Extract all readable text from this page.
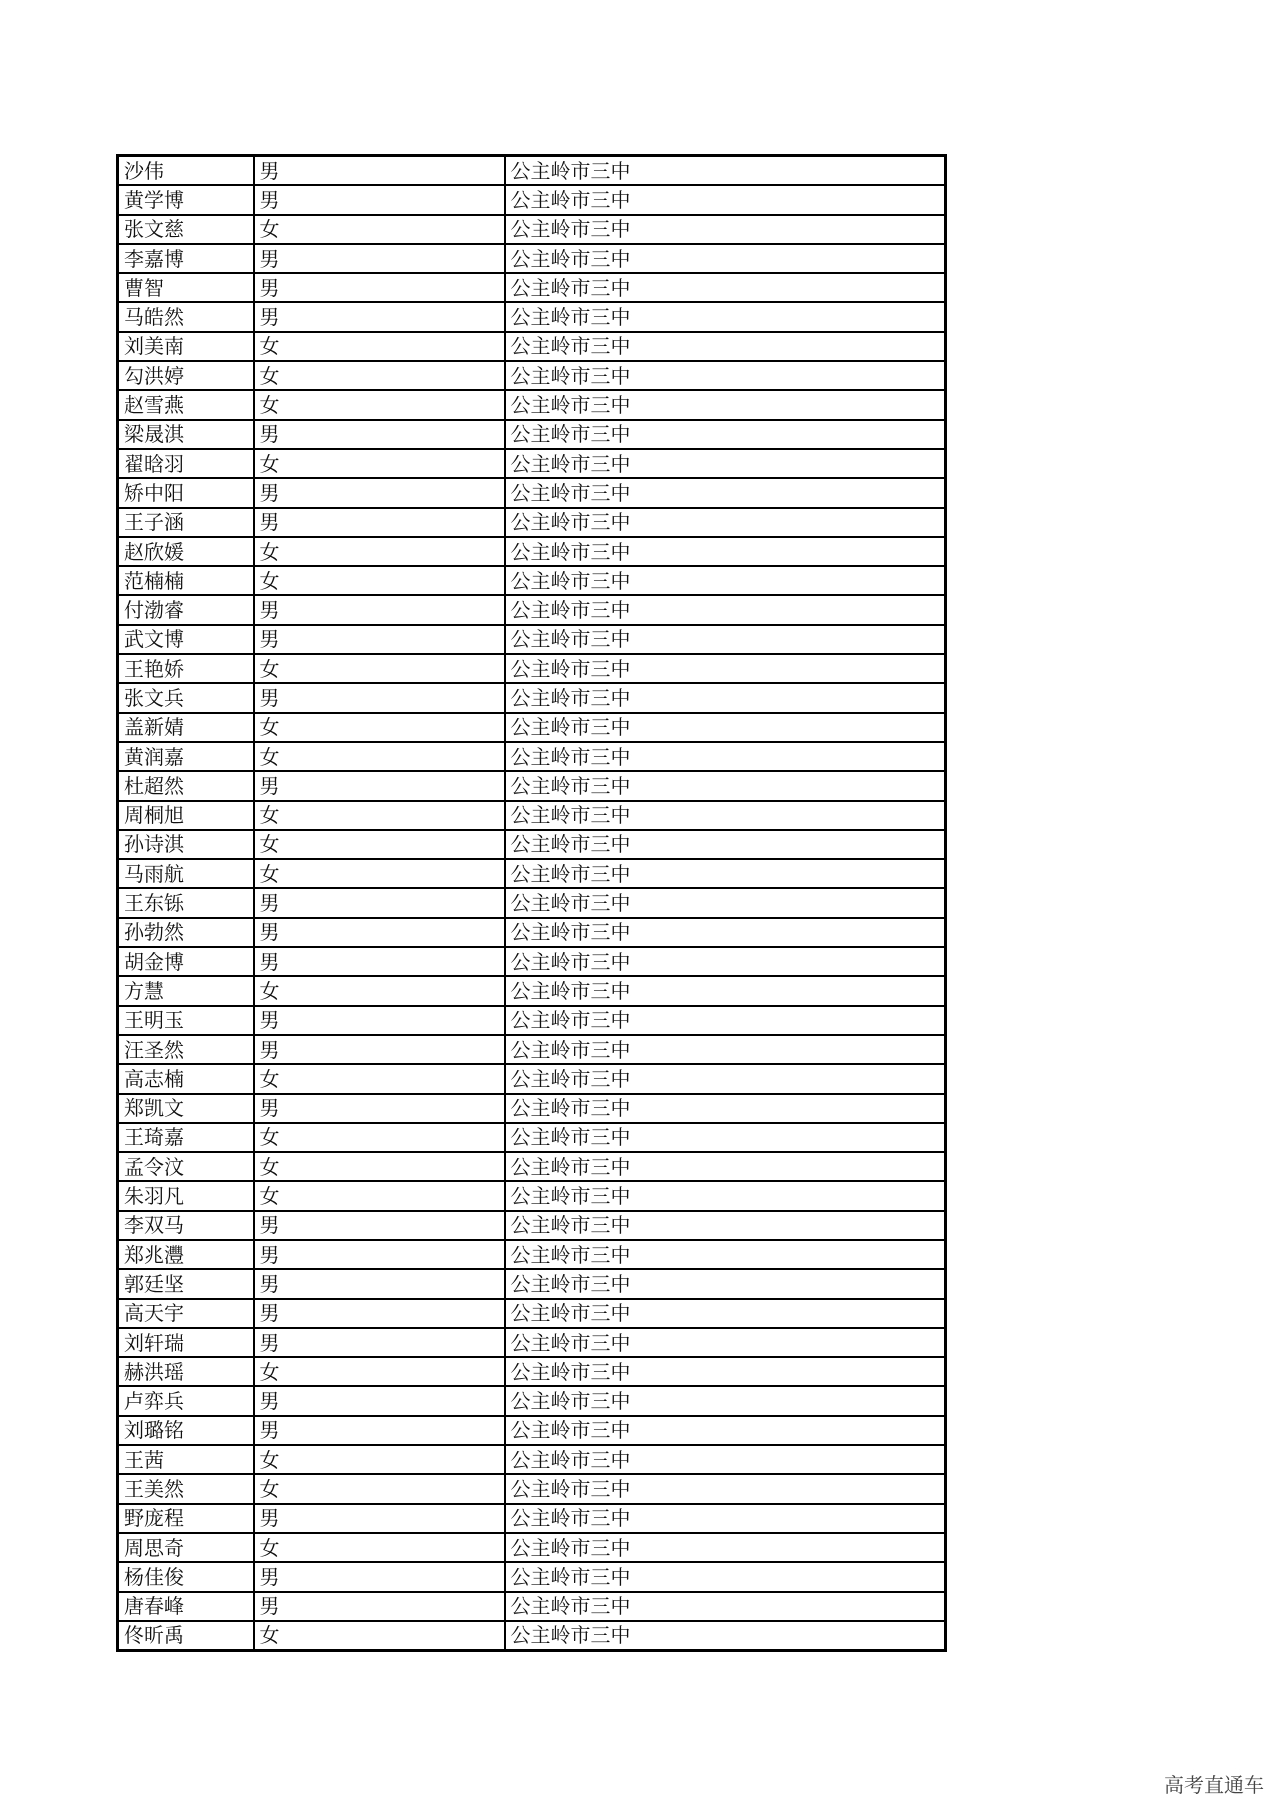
沙伟	男	公主岭市三中
黄学博	男	公主岭市三中
张文慈	女	公主岭市三中
李嘉博	男	公主岭市三中
曹智	男	公主岭市三中
马皓然	男	公主岭市三中
刘美南	女	公主岭市三中
勾洪婷	女	公主岭市三中
赵雪燕	女	公主岭市三中
梁晟淇	男	公主岭市三中
翟晗羽	女	公主岭市三中
矫中阳	男	公主岭市三中
王子涵	男	公主岭市三中
赵欣媛	女	公主岭市三中
范楠楠	女	公主岭市三中
付渤睿	男	公主岭市三中
武文博	男	公主岭市三中
王艳娇	女	公主岭市三中
张文兵	男	公主岭市三中
盖新婧	女	公主岭市三中
黄润嘉	女	公主岭市三中
杜超然	男	公主岭市三中
周桐旭	女	公主岭市三中
孙诗淇	女	公主岭市三中
马雨航	女	公主岭市三中
王东铄	男	公主岭市三中
孙勃然	男	公主岭市三中
胡金博	男	公主岭市三中
方慧	女	公主岭市三中
王明玉	男	公主岭市三中
汪圣然	男	公主岭市三中
高志楠	女	公主岭市三中
郑凯文	男	公主岭市三中
王琦嘉	女	公主岭市三中
孟令汶	女	公主岭市三中
朱羽凡	女	公主岭市三中
李双马	男	公主岭市三中
郑兆灃	男	公主岭市三中
郭廷坚	男	公主岭市三中
高天宇	男	公主岭市三中
刘轩瑞	男	公主岭市三中
赫洪瑶	女	公主岭市三中
卢弈兵	男	公主岭市三中
刘璐铭	男	公主岭市三中
王茜	女	公主岭市三中
王美然	女	公主岭市三中
野庞程	男	公主岭市三中
周思奇	女	公主岭市三中
杨佳俊	男	公主岭市三中
唐春峰	男	公主岭市三中
佟昕禹	女	公主岭市三中
高考直通车
